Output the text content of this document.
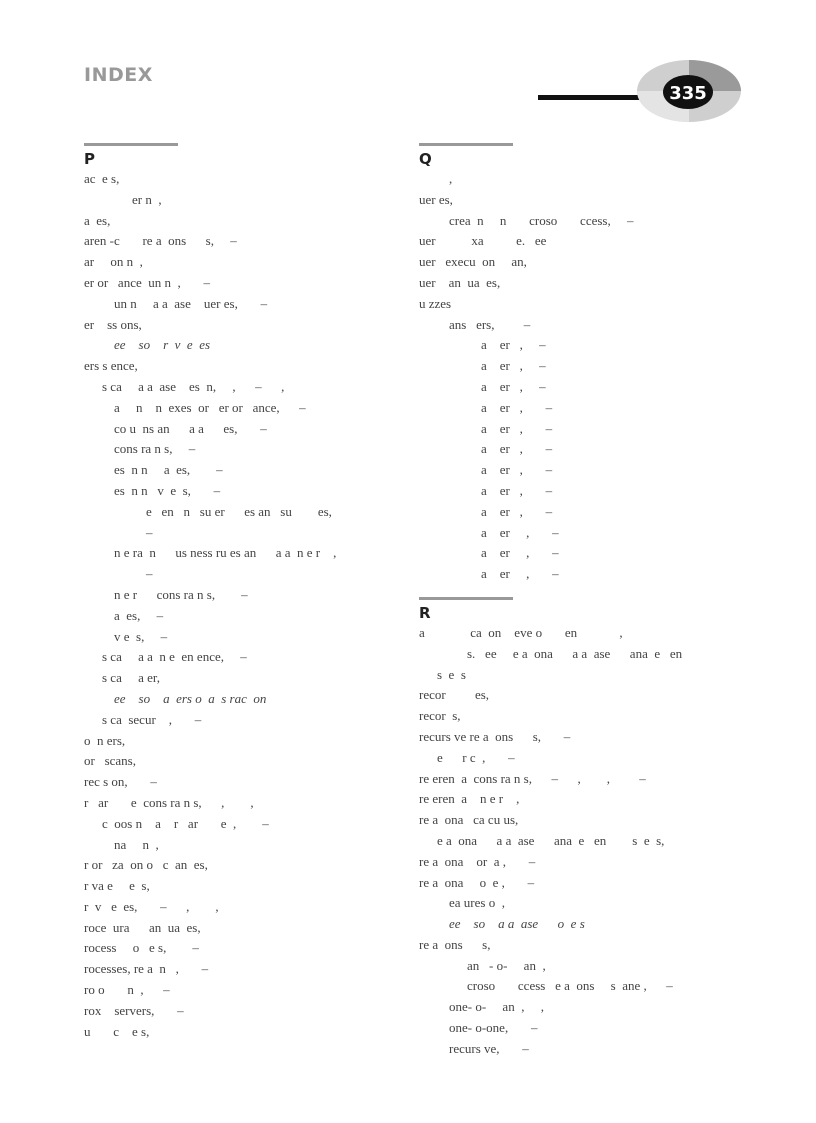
INDEX
335
P
ac  e s,
er n  ,
a  es,
aren -c       re a  ons      s,     –
ar     on n  ,
er or   ance  un n  ,       –
un n     a a  ase    uer es,       –
er    ss ons,
ee    so    r  v  e  es
ers s ence,
s ca     a a  ase    es  n,     ,      –      ,
a     n    n  exes  or   er or   ance,      –
co u  ns an      a a      es,       –
cons ra n s,     –
es  n n     a  es,        –
es  n n   v  e  s,       –
e   en   n   su er      es an   su        es,
–
n e ra  n      us ness ru es an      a a  n e r    ,
–
n e r      cons ra n s,        –
a  es,     –
v e  s,     –
s ca     a a  n e  en ence,     –
s ca     a er,
ee    so    a  ers o  a  s rac  on
s ca  secur    ,       –
o  n ers,
or   scans,
rec s on,       –
r   ar       e  cons ra n s,      ,        ,
c  oos n    a    r   ar       e  ,        –
na     n  ,
r or   za  on o   c  an  es,
r va e     e  s,
r  v   e  es,       –      ,        ,
roce  ura      an  ua  es,
rocess     o   e s,        –
rocesses, re a  n   ,       –
ro o       n  ,      –
rox    servers,       –
u       c    e s,
Q
,
uer es,
crea  n     n       croso       ccess,     –
uer           xa          e.   ee
uer   execu  on     an,
uer    an  ua  es,
u zzes
ans   ers,         –
a    er   ,     –
a    er   ,     –
a    er   ,     –
a    er   ,       –
a    er   ,       –
a    er   ,       –
a    er   ,       –
a    er   ,       –
a    er   ,       –
a    er     ,       –
a    er     ,       –
a    er     ,       –
R
a              ca  on    eve o       en             ,
s.   ee     e a  ona      a a  ase      ana  e   en
s  e  s
recor         es,
recor  s,
recurs ve re a  ons      s,       –
e      r c  ,       –
re eren  a  cons ra n s,      –      ,        ,         –
re eren  a    n e r    ,
re a  ona   ca cu us,
e a  ona      a a  ase      ana  e   en        s  e  s,
re a  ona    or  a ,       –
re a  ona     o  e ,       –
ea ures o  ,
ee    so    a a  ase      o  e s
re a  ons      s,
an   - o-     an  ,
croso       ccess   e a  ons     s  ane ,      –
one- o-     an  ,     ,
one- o-one,       –
recurs ve,       –
